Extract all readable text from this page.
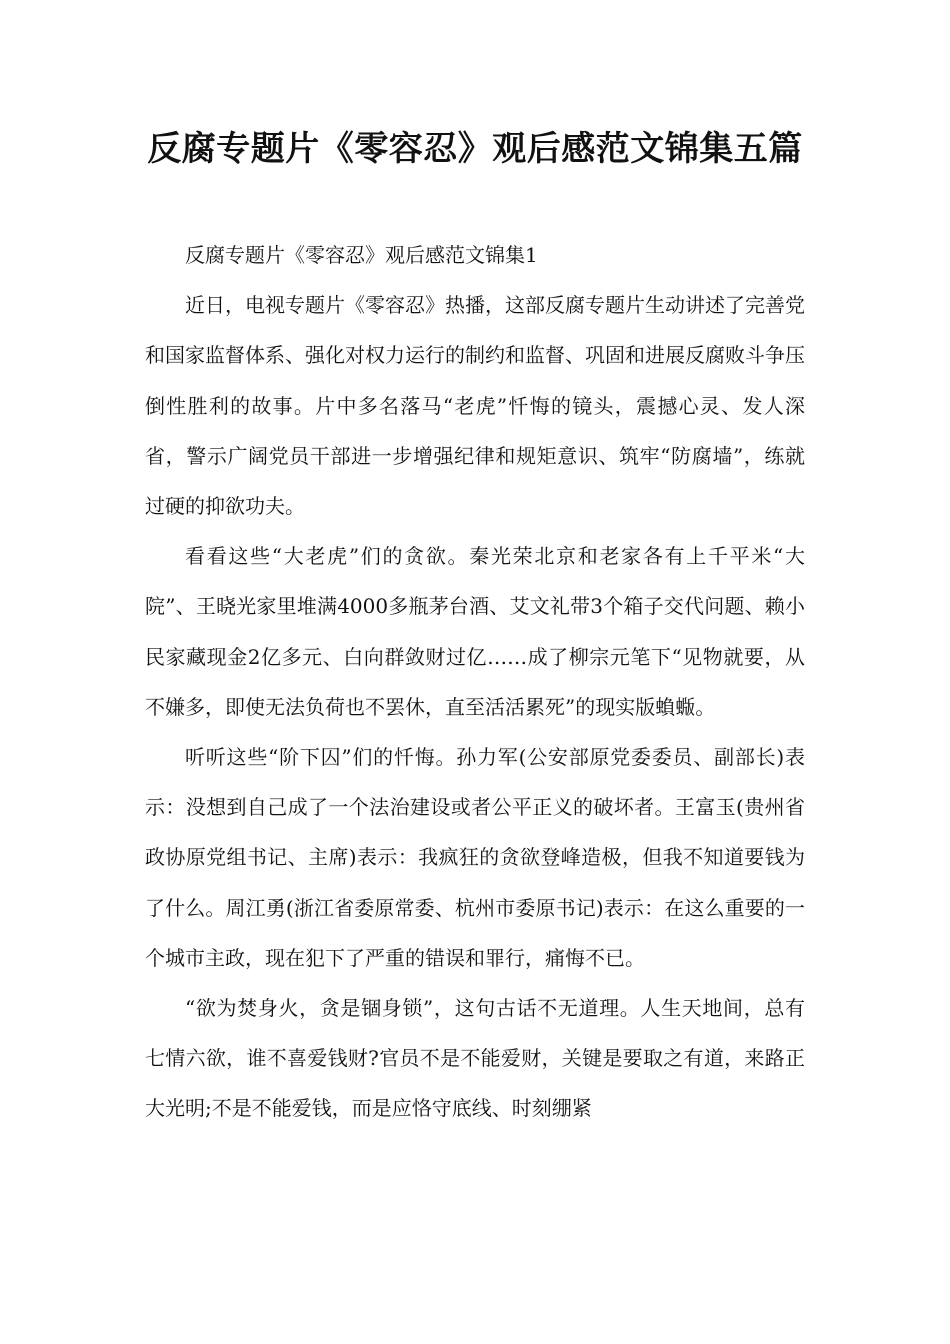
反腐专题片《零容忍》观后感范文锦集五篇

反腐专题片《零容忍》观后感范文锦集1

近日，电视专题片《零容忍》热播，这部反腐专题片生动讲述了完善党和国家监督体系、强化对权力运行的制约和监督、巩固和进展反腐败斗争压倒性胜利的故事。片中多名落马“老虎”忏悔的镜头，震撼心灵、发人深省，警示广阔党员干部进一步增强纪律和规矩意识、筑牢“防腐墙”，练就过硬的抑欲功夫。

看看这些“大老虎”们的贪欲。秦光荣北京和老家各有上千平米“大院”、王晓光家里堆满4000多瓶茅台酒、艾文礼带3个箱子交代问题、赖小民家藏现金2亿多元、白向群敛财过亿……成了柳宗元笔下“见物就要，从不嫌多，即使无法负荷也不罢休，直至活活累死”的现实版蝜蝂。

听听这些“阶下囚”们的忏悔。孙力军(公安部原党委委员、副部长)表示：没想到自己成了一个法治建设或者公平正义的破坏者。王富玉(贵州省政协原党组书记、主席)表示：我疯狂的贪欲登峰造极，但我不知道要钱为了什么。周江勇(浙江省委原常委、杭州市委原书记)表示：在这么重要的一个城市主政，现在犯下了严重的错误和罪行，痛悔不已。

“欲为焚身火，贪是锢身锁”，这句古话不无道理。人生天地间，总有七情六欲，谁不喜爱钱财?官员不是不能爱财，关键是要取之有道，来路正大光明;不是不能爱钱，而是应恪守底线、时刻绷紧
